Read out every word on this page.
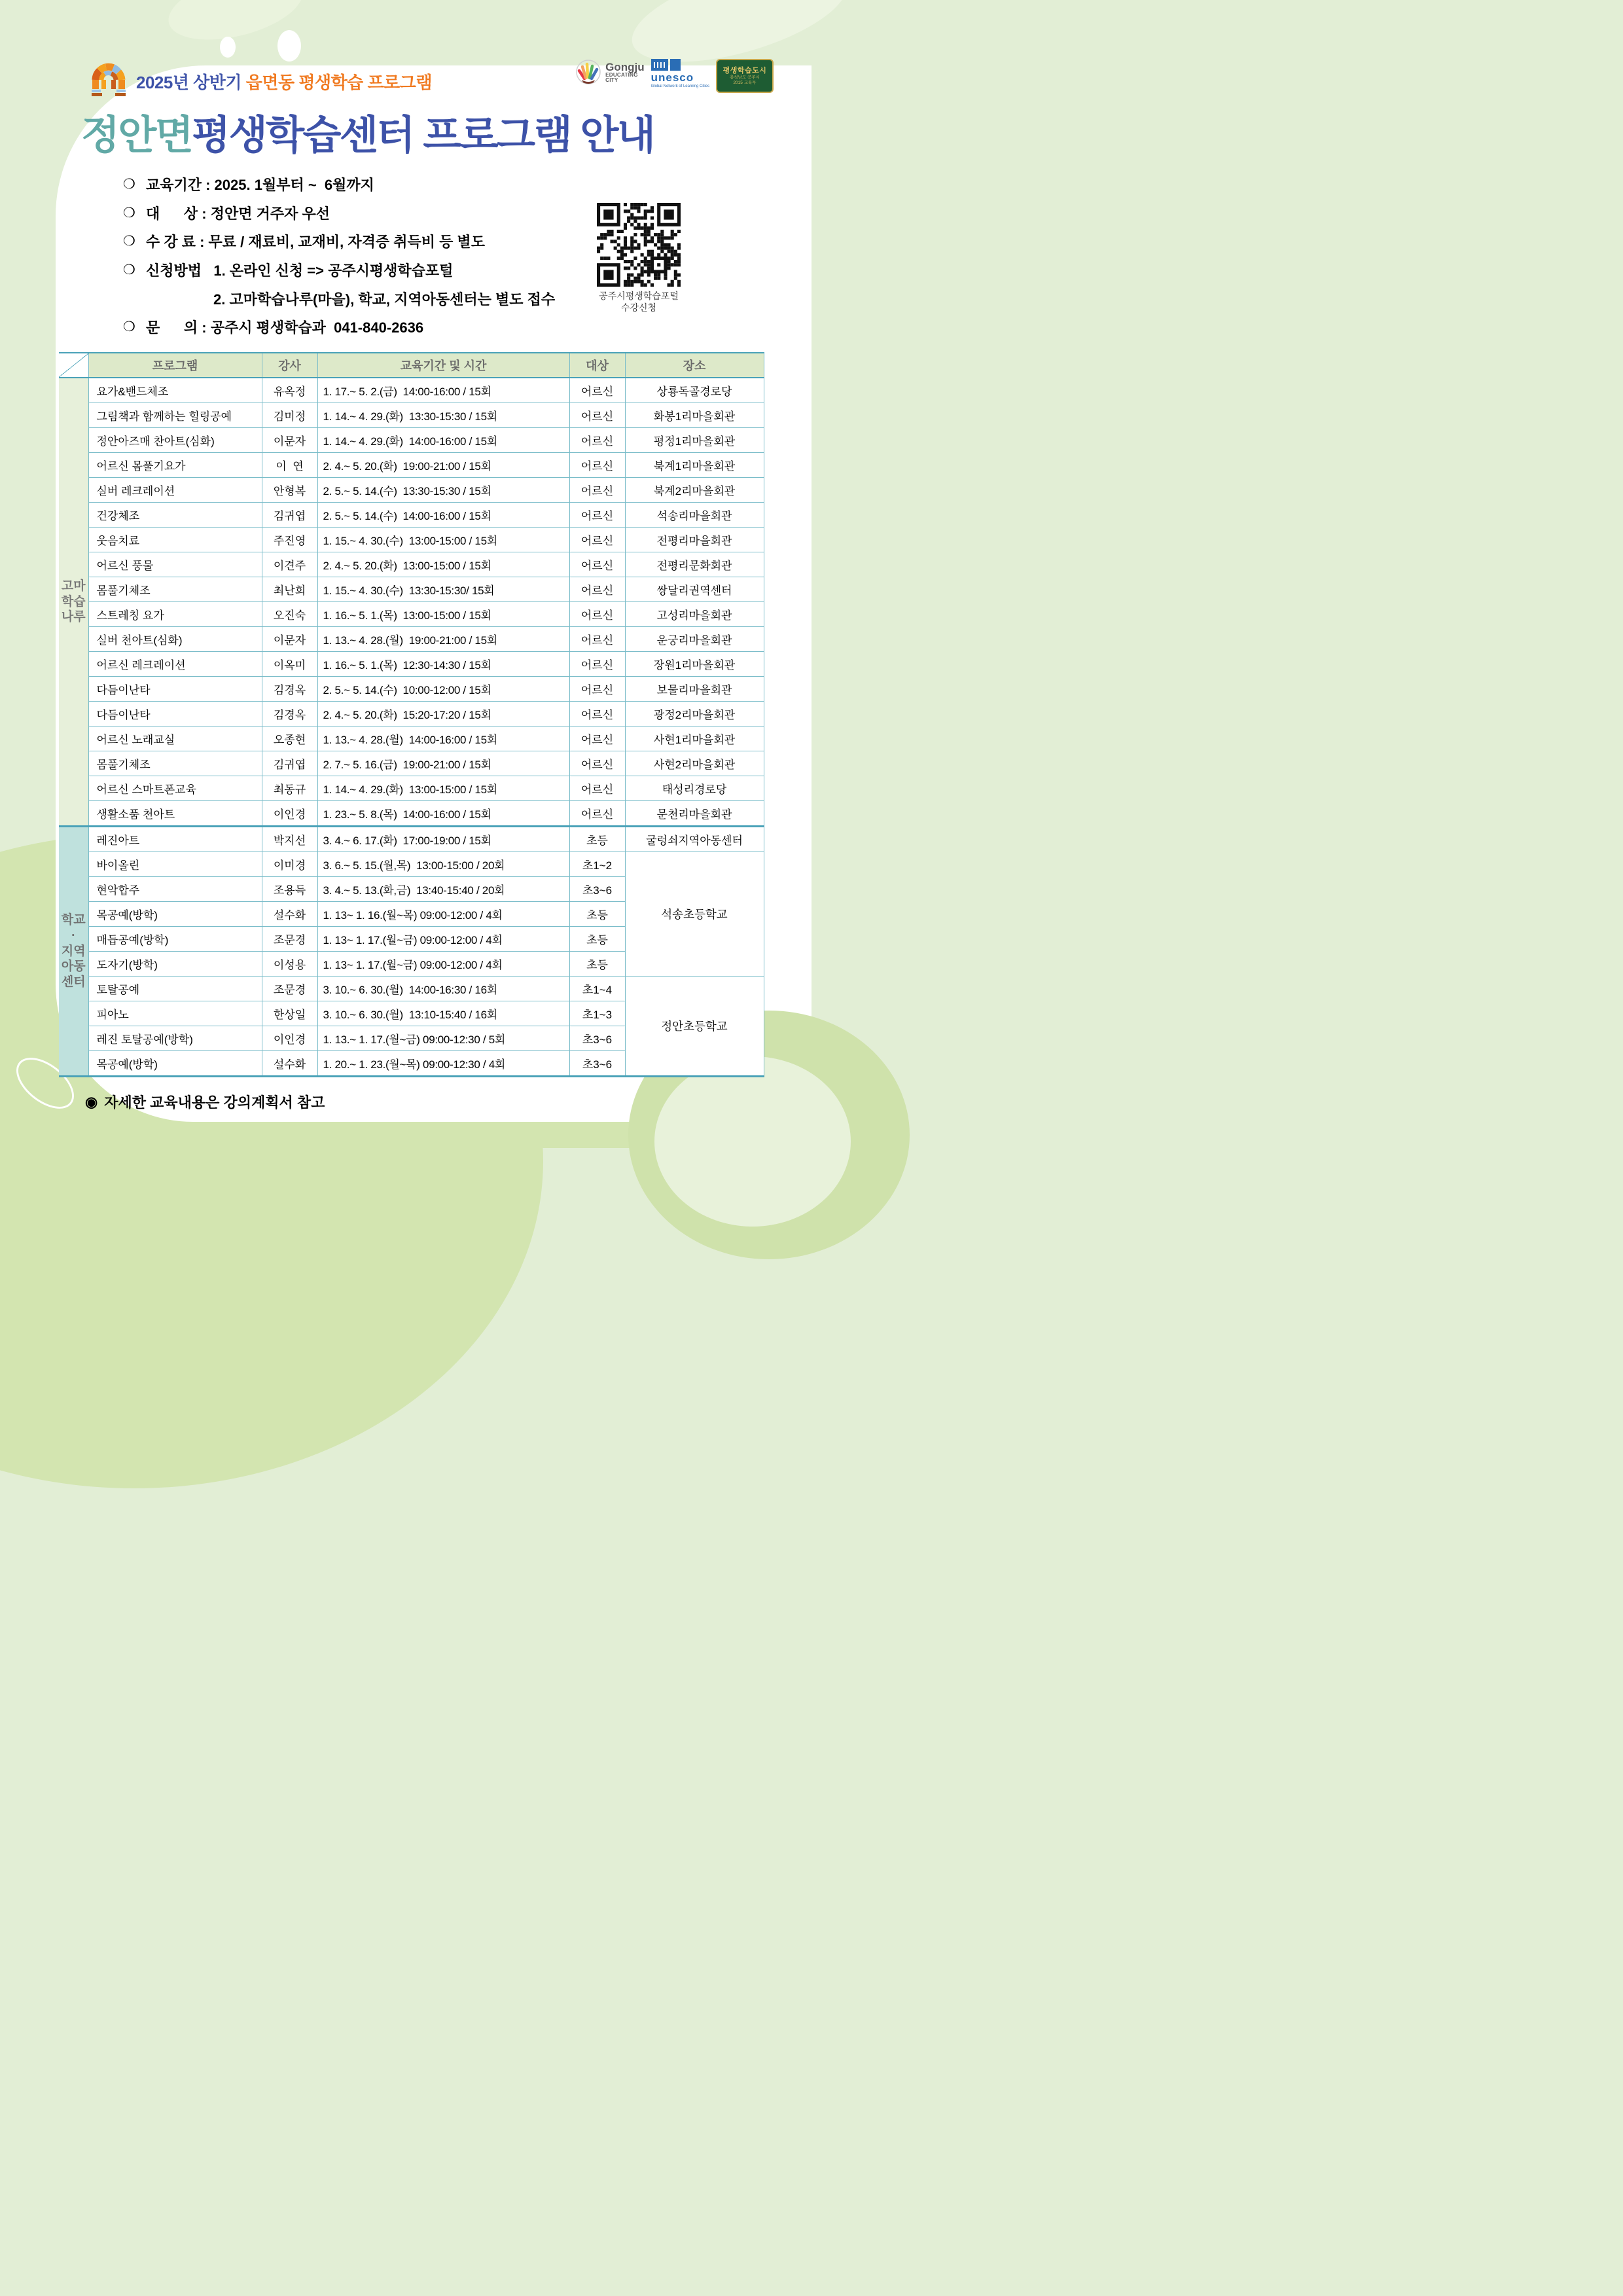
2025년 상반기 읍면동 평생학습 프로그램
Gongju
EDUCATING
CITY	unesco
Global Network of Learning Cities
평생학습도시
충청남도 공주시
2015 교육부
정안면평생학습센터 프로그램 안내
❍ 교육기간 : 2025. 1월부터 ~  6월까지
❍ 대      상 : 정안면 거주자 우선
❍ 수 강 료 : 무료 / 재료비, 교재비, 자격증 취득비 등 별도
❍ 신청방법   1. 온라인 신청 => 공주시평생학습포털
2. 고마학습나루(마을), 학교, 지역아동센터는 별도 접수
❍ 문      의 : 공주시 평생학습과  041-840-2636
공주시평생학습포털
수강신청
	프로그램	강사	교육기간 및 시간	대상	장소

고마
학습
나루	요가&밴드체조	유옥정	1. 17.~ 5. 2.(금)  14:00-16:00 / 15회	어르신	상룡독골경로당
	그림책과 함께하는 힐링공예	김미정	1. 14.~ 4. 29.(화)  13:30-15:30 / 15회	어르신	화봉1리마을회관
	정안아즈매 찬아트(심화)	이문자	1. 14.~ 4. 29.(화)  14:00-16:00 / 15회	어르신	평정1리마을회관
	어르신 몸풀기요가	이  연	2. 4.~ 5. 20.(화)  19:00-21:00 / 15회	어르신	북계1리마을회관
	실버 레크레이션	안형복	2. 5.~ 5. 14.(수)  13:30-15:30 / 15회	어르신	북계2리마을회관
	건강체조	김귀엽	2. 5.~ 5. 14.(수)  14:00-16:00 / 15회	어르신	석송리마을회관
	웃음치료	주진영	1. 15.~ 4. 30.(수)  13:00-15:00 / 15회	어르신	전평리마을회관
	어르신 풍물	이견주	2. 4.~ 5. 20.(화)  13:00-15:00 / 15회	어르신	전평리문화회관
	몸풀기체조	최난희	1. 15.~ 4. 30.(수)  13:30-15:30/ 15회	어르신	쌍달리권역센터
	스트레칭 요가	오진숙	1. 16.~ 5. 1.(목)  13:00-15:00 / 15회	어르신	고성리마을회관
	실버 천아트(심화)	이문자	1. 13.~ 4. 28.(월)  19:00-21:00 / 15회	어르신	운궁리마을회관
	어르신 레크레이션	이옥미	1. 16.~ 5. 1.(목)  12:30-14:30 / 15회	어르신	장원1리마을회관
	다듬이난타	김경옥	2. 5.~ 5. 14.(수)  10:00-12:00 / 15회	어르신	보물리마을회관
	다듬이난타	김경옥	2. 4.~ 5. 20.(화)  15:20-17:20 / 15회	어르신	광정2리마을회관
	어르신 노래교실	오종현	1. 13.~ 4. 28.(월)  14:00-16:00 / 15회	어르신	사현1리마을회관
	몸풀기체조	김귀엽	2. 7.~ 5. 16.(금)  19:00-21:00 / 15회	어르신	사현2리마을회관
	어르신 스마트폰교육	최동규	1. 14.~ 4. 29.(화)  13:00-15:00 / 15회	어르신	태성리경로당
	생활소품 천아트	이인경	1. 23.~ 5. 8.(목)  14:00-16:00 / 15회	어르신	문천리마을회관

학교
·
지역
아동
센터	레진아트	박지선	3. 4.~ 6. 17.(화)  17:00-19:00 / 15회	초등	굴렁쇠지역아동센터
	바이올린	이미경	3. 6.~ 5. 15.(월,목)  13:00-15:00 / 20회	초1~2	석송초등학교
	현악합주	조용득	3. 4.~ 5. 13.(화,금)  13:40-15:40 / 20회	초3~6	
	목공예(방학)	설수화	1. 13~ 1. 16.(월~목) 09:00-12:00 / 4회	초등	
	매듭공예(방학)	조문경	1. 13~ 1. 17.(월~금) 09:00-12:00 / 4회	초등	
	도자기(방학)	이성용	1. 13~ 1. 17.(월~금) 09:00-12:00 / 4회	초등	
	토탈공예	조문경	3. 10.~ 6. 30.(월)  14:00-16:30 / 16회	초1~4	정안초등학교
	피아노	한상일	3. 10.~ 6. 30.(월)  13:10-15:40 / 16회	초1~3	
	레진 토탈공예(방학)	이인경	1. 13.~ 1. 17.(월~금) 09:00-12:30 / 5회	초3~6	
	목공예(방학)	설수화	1. 20.~ 1. 23.(월~목) 09:00-12:30 / 4회	초3~6	
◉ 자세한 교육내용은 강의계획서 참고
